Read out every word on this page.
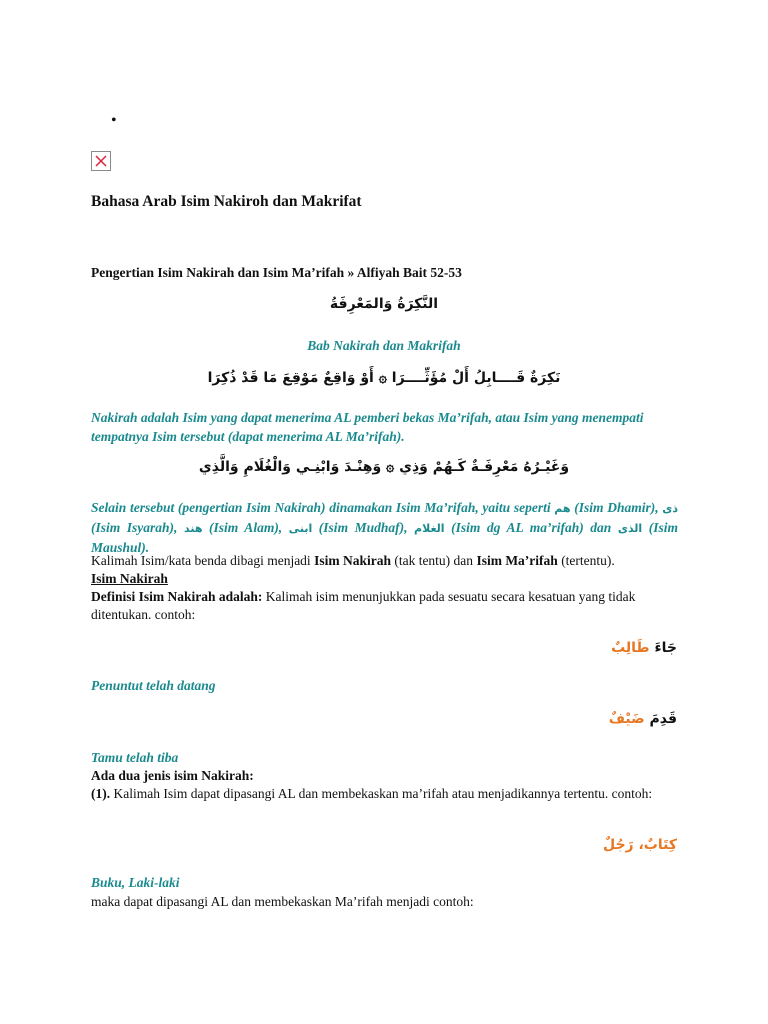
•
Bahasa Arab Isim Nakiroh dan Makrifat
Pengertian Isim Nakirah dan Isim Ma’rifah » Alfiyah Bait 52-53
النَّكِرَةُ وَالمَعْرِفَةُ
Bab Nakirah dan Makrifah
نَكِرَةٌ قَــــابِلُ أَلْ مُؤَثِّــــرَا ۞ أَوْ وَاقِعٌ مَوْقِعَ مَا قَدْ ذُكِرَا
Nakirah adalah Isim yang dapat menerima AL pemberi bekas Ma’rifah, atau Isim yang menempati tempatnya Isim tersebut (dapat menerima AL Ma’rifah).
وَغَيْـرُهُ مَعْرِفَـةٌ كَـهُمْ وَذِي ۞ وَهِنْـدَ وَابْنِـي وَالْغُلَامِ وَالَّذِي
Selain tersebut (pengertian Isim Nakirah) dinamakan Isim Ma’rifah, yaitu seperti هم (Isim Dhamir), ذى (Isim Isyarah), هند (Isim Alam), ابنى (Isim Mudhaf), الغلام (Isim dg AL ma’rifah) dan الذى (Isim Maushul).
Kalimah Isim/kata benda dibagi menjadi Isim Nakirah (tak tentu) dan Isim Ma’rifah (tertentu).
Isim Nakirah
Definisi Isim Nakirah adalah: Kalimah isim menunjukkan pada sesuatu secara kesatuan yang tidak ditentukan. contoh:
جَاءَ طَالِبٌ
Penuntut telah datang
قَدِمَ ضَيْفٌ
Tamu telah tiba
Ada dua jenis isim Nakirah:
(1). Kalimah Isim dapat dipasangi AL dan membekaskan ma’rifah atau menjadikannya tertentu. contoh:
كِتَابٌ، رَجُلٌ
Buku, Laki-laki
maka dapat dipasangi AL dan membekaskan Ma’rifah menjadi contoh:
